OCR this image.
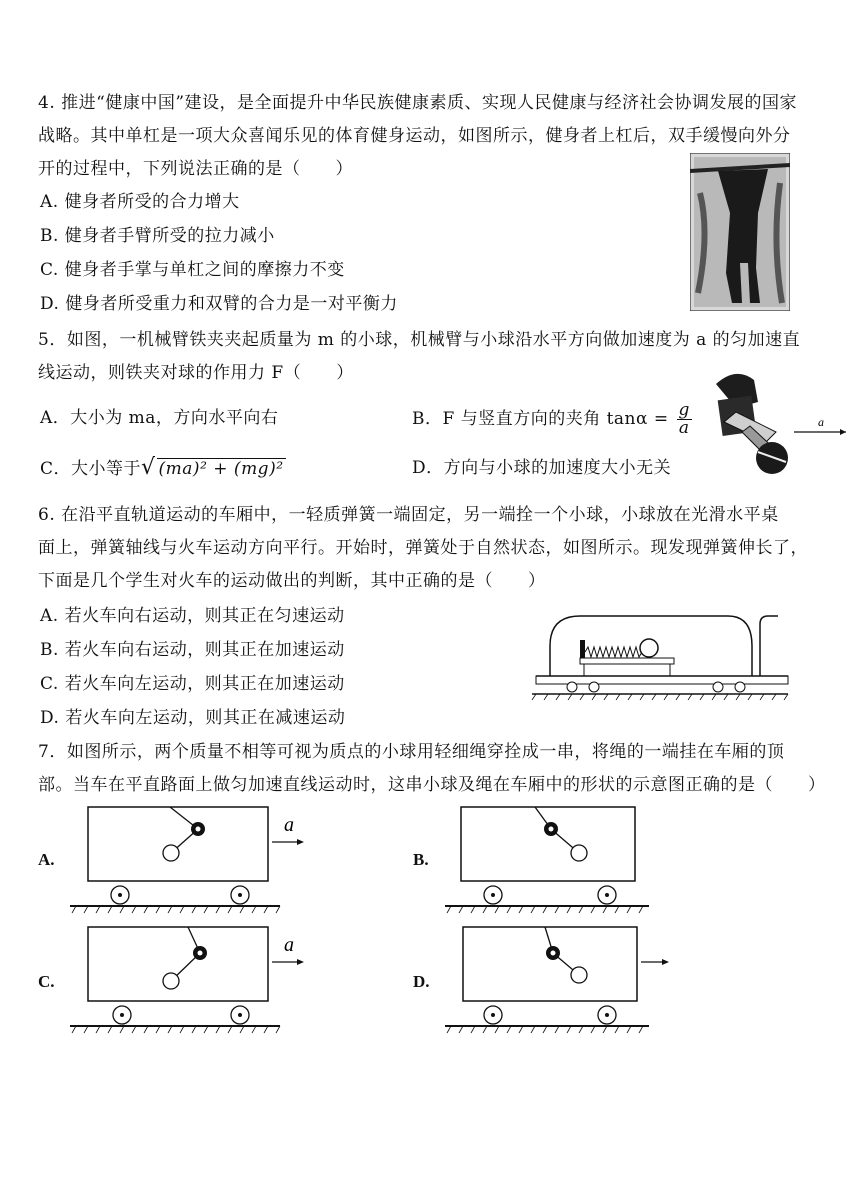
4. 推进“健康中国”建设，是全面提升中华民族健康素质、实现人民健康与经济社会协调发展的国家
战略。其中单杠是一项大众喜闻乐见的体育健身运动，如图所示，健身者上杠后，双手缓慢向外分
开的过程中，下列说法正确的是（　　）
A. 健身者所受的合力增大
B. 健身者手臂所受的拉力减小
C. 健身者手掌与单杠之间的摩擦力不变
D. 健身者所受重力和双臂的合力是一对平衡力
5．如图，一机械臂铁夹夹起质量为 m 的小球，机械臂与小球沿水平方向做加速度为 a 的匀加速直
线运动，则铁夹对球的作用力 F（　　）
A．大小为 ma，方向水平向右	B．F 与竖直方向的夹角 $\tan\alpha = \frac{g}{a}$
C．大小等于√ (ma)² + (mg)²	D．方向与小球的加速度大小无关
a
6. 在沿平直轨道运动的车厢中，一轻质弹簧一端固定，另一端拴一个小球，小球放在光滑水平桌
面上，弹簧轴线与火车运动方向平行。开始时，弹簧处于自然状态，如图所示。现发现弹簧伸长了，
下面是几个学生对火车的运动做出的判断，其中正确的是（　　）
A. 若火车向右运动，则其正在匀速运动
B. 若火车向右运动，则其正在加速运动
C. 若火车向左运动，则其正在加速运动
D. 若火车向左运动，则其正在减速运动
7．如图所示，两个质量不相等可视为质点的小球用轻细绳穿拴成一串，将绳的一端挂在车厢的顶
部。当车在平直路面上做匀加速直线运动时，这串小球及绳在车厢中的形状的示意图正确的是（　　）
A.	B.
C.	D.
a
a
